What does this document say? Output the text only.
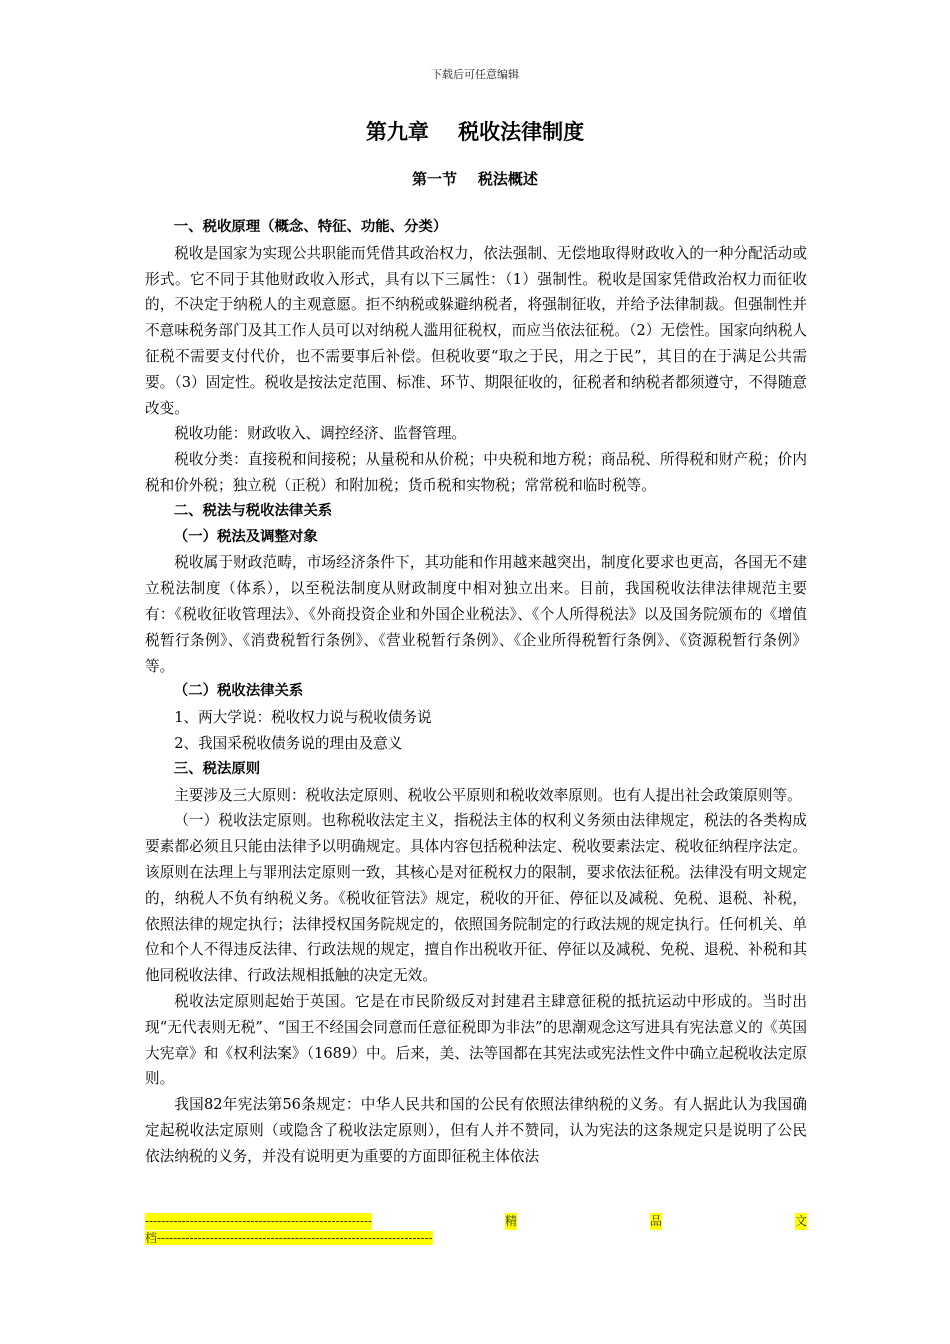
下载后可任意编辑
第九章    税收法律制度
第一节    税法概述

一、税收原理（概念、特征、功能、分类）

税收是国家为实现公共职能而凭借其政治权力，依法强制、无偿地取得财政收入的一种分配活动或形式。它不同于其他财政收入形式，具有以下三属性：（1）强制性。税收是国家凭借政治权力而征收的，不决定于纳税人的主观意愿。拒不纳税或躲避纳税者，将强制征收，并给予法律制裁。但强制性并不意味税务部门及其工作人员可以对纳税人滥用征税权，而应当依法征税。（2）无偿性。国家向纳税人征税不需要支付代价，也不需要事后补偿。但税收要“取之于民，用之于民”，其目的在于满足公共需要。（3）固定性。税收是按法定范围、标准、环节、期限征收的，征税者和纳税者都须遵守，不得随意改变。

税收功能：财政收入、调控经济、监督管理。

税收分类：直接税和间接税；从量税和从价税；中央税和地方税；商品税、所得税和财产税；价内税和价外税；独立税（正税）和附加税；货币税和实物税；常常税和临时税等。

二、税法与税收法律关系

（一）税法及调整对象

税收属于财政范畴，市场经济条件下，其功能和作用越来越突出，制度化要求也更高，各国无不建立税法制度（体系），以至税法制度从财政制度中相对独立出来。目前，我国税收法律法律规范主要有：《税收征收管理法》、《外商投资企业和外国企业税法》、《个人所得税法》以及国务院颁布的《增值税暂行条例》、《消费税暂行条例》、《营业税暂行条例》、《企业所得税暂行条例》、《资源税暂行条例》等。

（二）税收法律关系

1、两大学说：税收权力说与税收债务说

2、我国采税收债务说的理由及意义

三、税法原则

主要涉及三大原则：税收法定原则、税收公平原则和税收效率原则。也有人提出社会政策原则等。

（一）税收法定原则。也称税收法定主义，指税法主体的权利义务须由法律规定，税法的各类构成要素都必须且只能由法律予以明确规定。具体内容包括税种法定、税收要素法定、税收征纳程序法定。该原则在法理上与罪刑法定原则一致，其核心是对征税权力的限制，要求依法征税。法律没有明文规定的，纳税人不负有纳税义务。《税收征管法》规定，税收的开征、停征以及减税、免税、退税、补税，依照法律的规定执行；法律授权国务院规定的，依照国务院制定的行政法规的规定执行。任何机关、单位和个人不得违反法律、行政法规的规定，擅自作出税收开征、停征以及减税、免税、退税、补税和其他同税收法律、行政法规相抵触的决定无效。

税收法定原则起始于英国。它是在市民阶级反对封建君主肆意征税的抵抗运动中形成的。当时出现“无代表则无税”、“国王不经国会同意而任意征税即为非法”的思潮观念这写进具有宪法意义的《英国大宪章》和《权利法案》（1689）中。后来，美、法等国都在其宪法或宪法性文件中确立起税收法定原则。

我国82年宪法第56条规定：中华人民共和国的公民有依照法律纳税的义务。有人据此认为我国确定起税收法定原则（或隐含了税收法定原则），但有人并不赞同，认为宪法的这条规定只是说明了公民依法纳税的义务，并没有说明更为重要的方面即征税主体依法

--------------------------------------------------------	精	品	文
档--------------------------------------------------------------------
